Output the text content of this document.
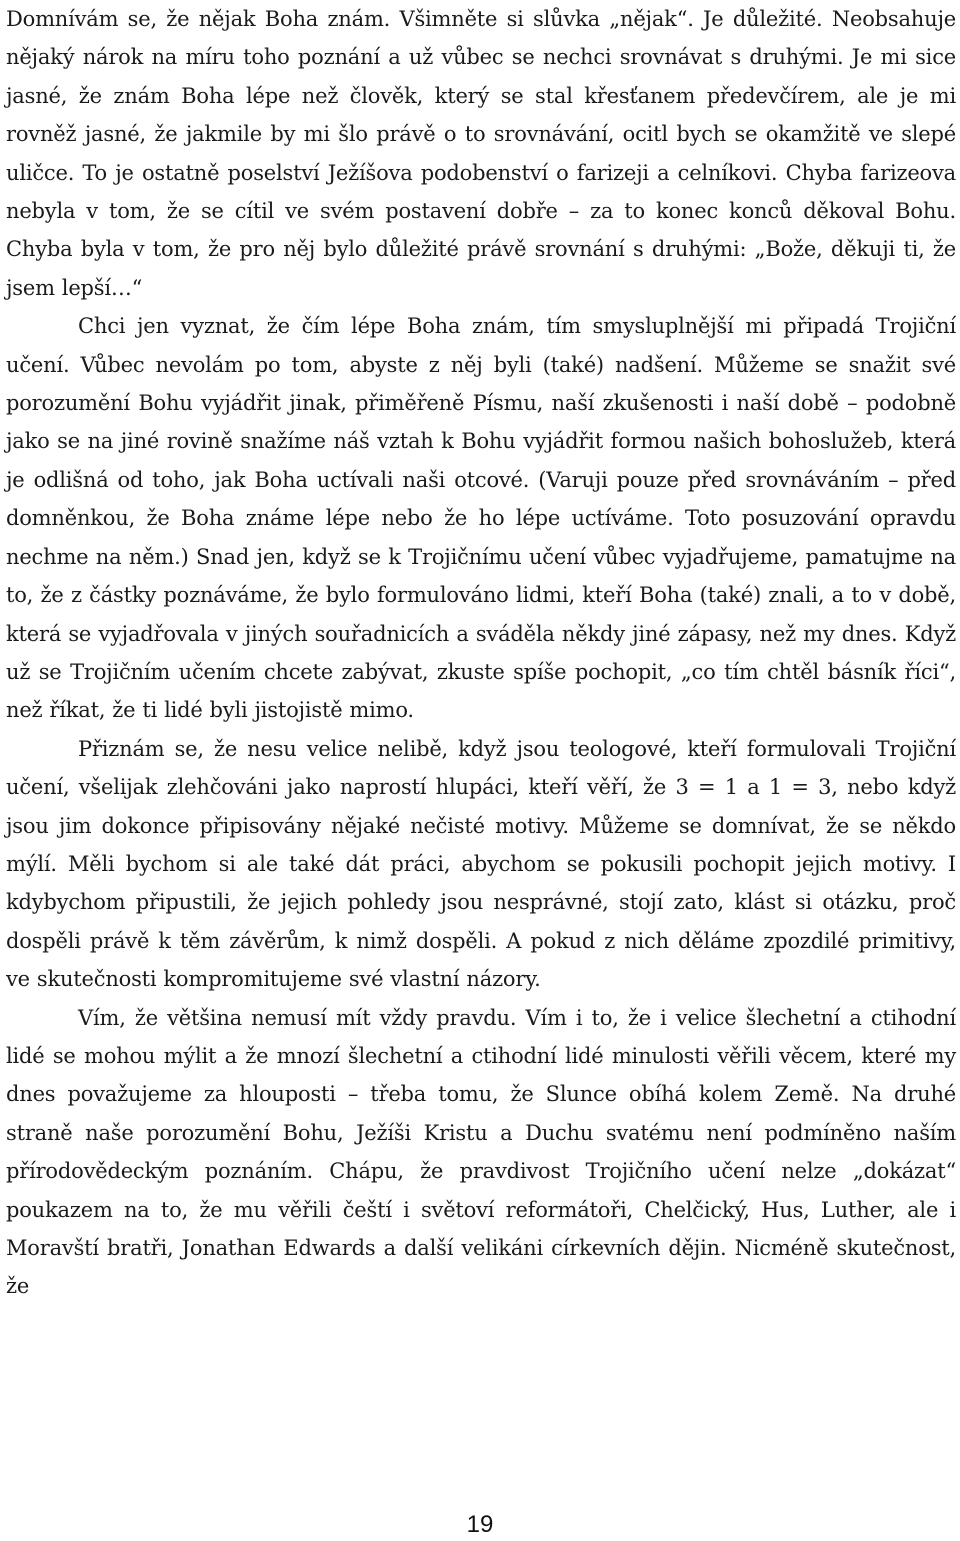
Domnívám se, že nějak Boha znám. Všimněte si slůvka „nějak“. Je důležité. Neobsahuje nějaký nárok na míru toho poznání a už vůbec se nechci srovnávat s druhými. Je mi sice jasné, že znám Boha lépe než člověk, který se stal křesťanem předevčírem, ale je mi rovněž jasné, že jakmile by mi šlo právě o to srovnávání, ocitl bych se okamžitě ve slepé uličce. To je ostatně poselství Ježíšova podobenství o farizeji a celníkovi. Chyba farizeova nebyla v tom, že se cítil ve svém postavení dobře – za to konec konců děkoval Bohu. Chyba byla v tom, že pro něj bylo důležité právě srovnání s druhými: „Bože, děkuji ti, že jsem lepší…“

Chci jen vyznat, že čím lépe Boha znám, tím smysluplnější mi připadá Trojiční učení. Vůbec nevolám po tom, abyste z něj byli (také) nadšení. Můžeme se snažit své porozumění Bohu vyjádřit jinak, přiměřeně Písmu, naší zkušenosti i naší době – podobně jako se na jiné rovině snažíme náš vztah k Bohu vyjádřit formou našich bohoslužeb, která je odlišná od toho, jak Boha uctívali naši otcové. (Varuji pouze před srovnáváním – před domněnkou, že Boha známe lépe nebo že ho lépe uctíváme. Toto posuzování opravdu nechme na něm.) Snad jen, když se k Trojičnímu učení vůbec vyjadřujeme, pamatujme na to, že z částky poznáváme, že bylo formulováno lidmi, kteří Boha (také) znali, a to v době, která se vyjadřovala v jiných souřadnicích a sváděla někdy jiné zápasy, než my dnes. Když už se Trojičním učením chcete zabývat, zkuste spíše pochopit, „co tím chtěl básník říci“, než říkat, že ti lidé byli jistojistě mimo.

Přiznám se, že nesu velice nelibě, když jsou teologové, kteří formulovali Trojiční učení, všelijak zlehčováni jako naprostí hlupáci, kteří věří, že 3 = 1 a 1 = 3, nebo když jsou jim dokonce připisovány nějaké nečisté motivy. Můžeme se domnívat, že se někdo mýlí. Měli bychom si ale také dát práci, abychom se pokusili pochopit jejich motivy. I kdybychom připustili, že jejich pohledy jsou nesprávné, stojí zato, klást si otázku, proč dospěli právě k těm závěrům, k nimž dospěli. A pokud z nich děláme zpozdilé primitivy, ve skutečnosti kompromitujeme své vlastní názory.

Vím, že většina nemusí mít vždy pravdu. Vím i to, že i velice šlechetní a ctihodní lidé se mohou mýlit a že mnozí šlechetní a ctihodní lidé minulosti věřili věcem, které my dnes považujeme za hlouposti – třeba tomu, že Slunce obíhá kolem Země. Na druhé straně naše porozumění Bohu, Ježíši Kristu a Duchu svatému není podmíněno naším přírodovědeckým poznáním. Chápu, že pravdivost Trojičního učení nelze „dokázat“ poukazem na to, že mu věřili čeští i světoví reformátoři, Chelčický, Hus, Luther, ale i Moravští bratři, Jonathan Edwards a další velikáni církevních dějin. Nicméně skutečnost, že

19
